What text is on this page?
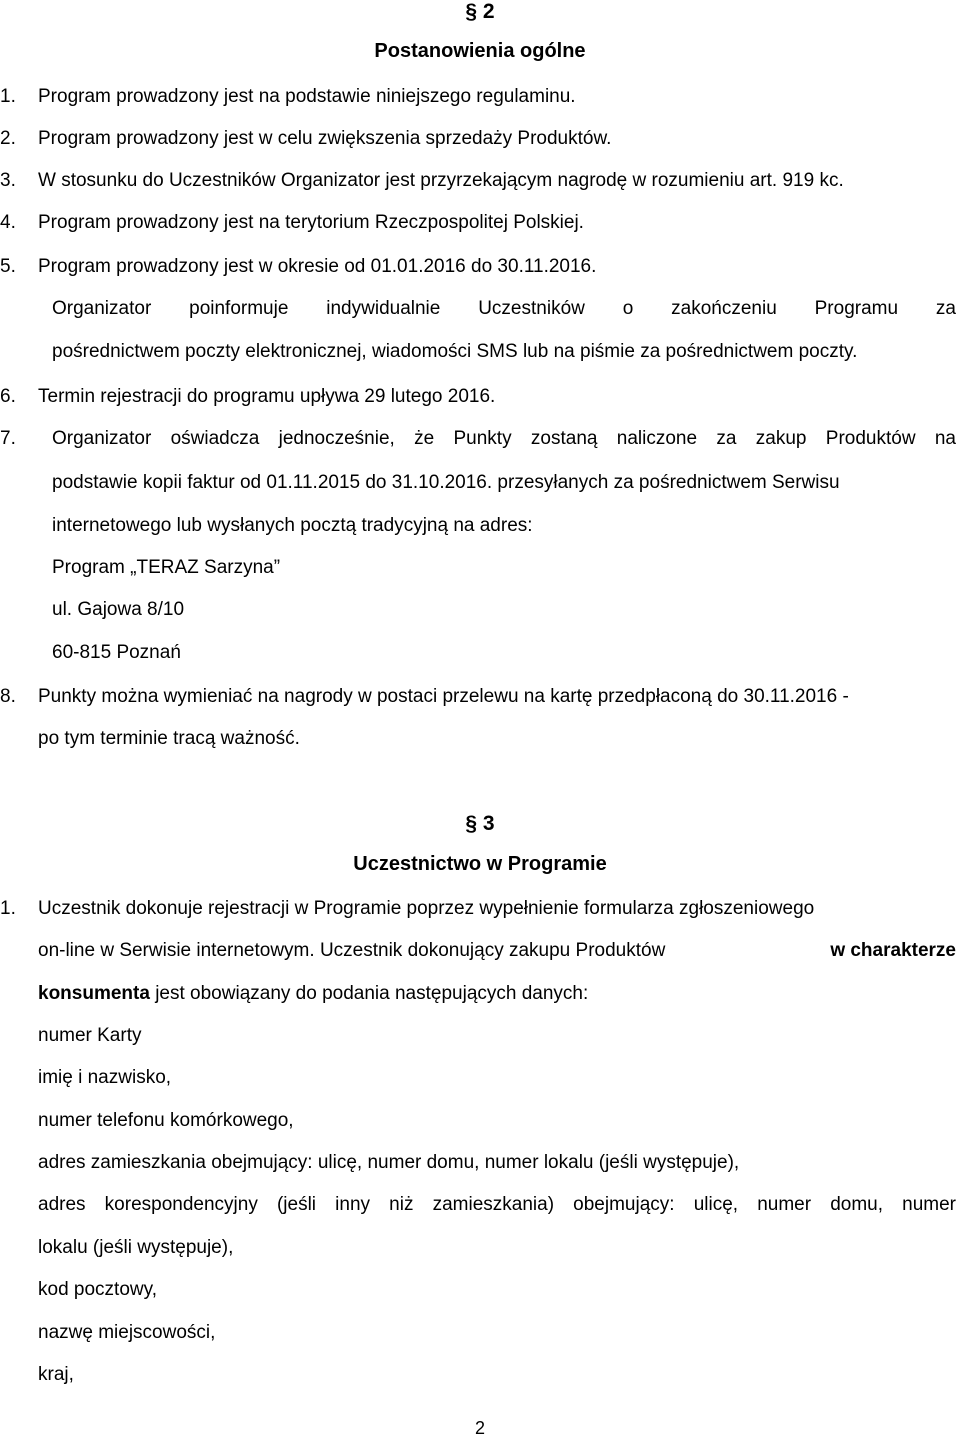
§ 2
Postanowienia ogólne
1.	Program prowadzony jest na podstawie niniejszego regulaminu.
2.	Program prowadzony jest w celu zwiększenia sprzedaży Produktów.
3.	W stosunku do Uczestników Organizator jest przyrzekającym nagrodę w rozumieniu art. 919 kc.
4.	Program prowadzony jest na terytorium Rzeczpospolitej Polskiej.
5.	Program prowadzony jest w okresie od 01.01.2016 do 30.11.2016.
Organizator poinformuje indywidualnie Uczestników o zakończeniu Programu za
pośrednictwem poczty elektronicznej, wiadomości SMS lub na piśmie za pośrednictwem poczty.
6.	Termin rejestracji do programu upływa 29 lutego 2016.
7.	Organizator oświadcza jednocześnie, że Punkty zostaną naliczone za zakup Produktów na
podstawie kopii faktur od 01.11.2015 do 31.10.2016. przesyłanych za pośrednictwem Serwisu
internetowego lub wysłanych pocztą tradycyjną na adres:
Program „TERAZ Sarzyna”
ul. Gajowa 8/10
60-815 Poznań
8.	Punkty można wymieniać na nagrody w postaci przelewu na kartę przedpłaconą do 30.11.2016 -
po tym terminie tracą ważność.
§ 3
Uczestnictwo w Programie
1.	Uczestnik dokonuje rejestracji w Programie poprzez wypełnienie formularza zgłoszeniowego
on-line w Serwisie internetowym. Uczestnik dokonujący zakupu Produktów	w charakterze
konsumenta jest obowiązany do podania następujących danych:
numer Karty
imię i nazwisko,
numer telefonu komórkowego,
adres zamieszkania obejmujący: ulicę, numer domu, numer lokalu (jeśli występuje),
adres korespondencyjny (jeśli inny niż zamieszkania) obejmujący: ulicę, numer domu, numer
lokalu (jeśli występuje),
kod pocztowy,
nazwę miejscowości,
kraj,
2
